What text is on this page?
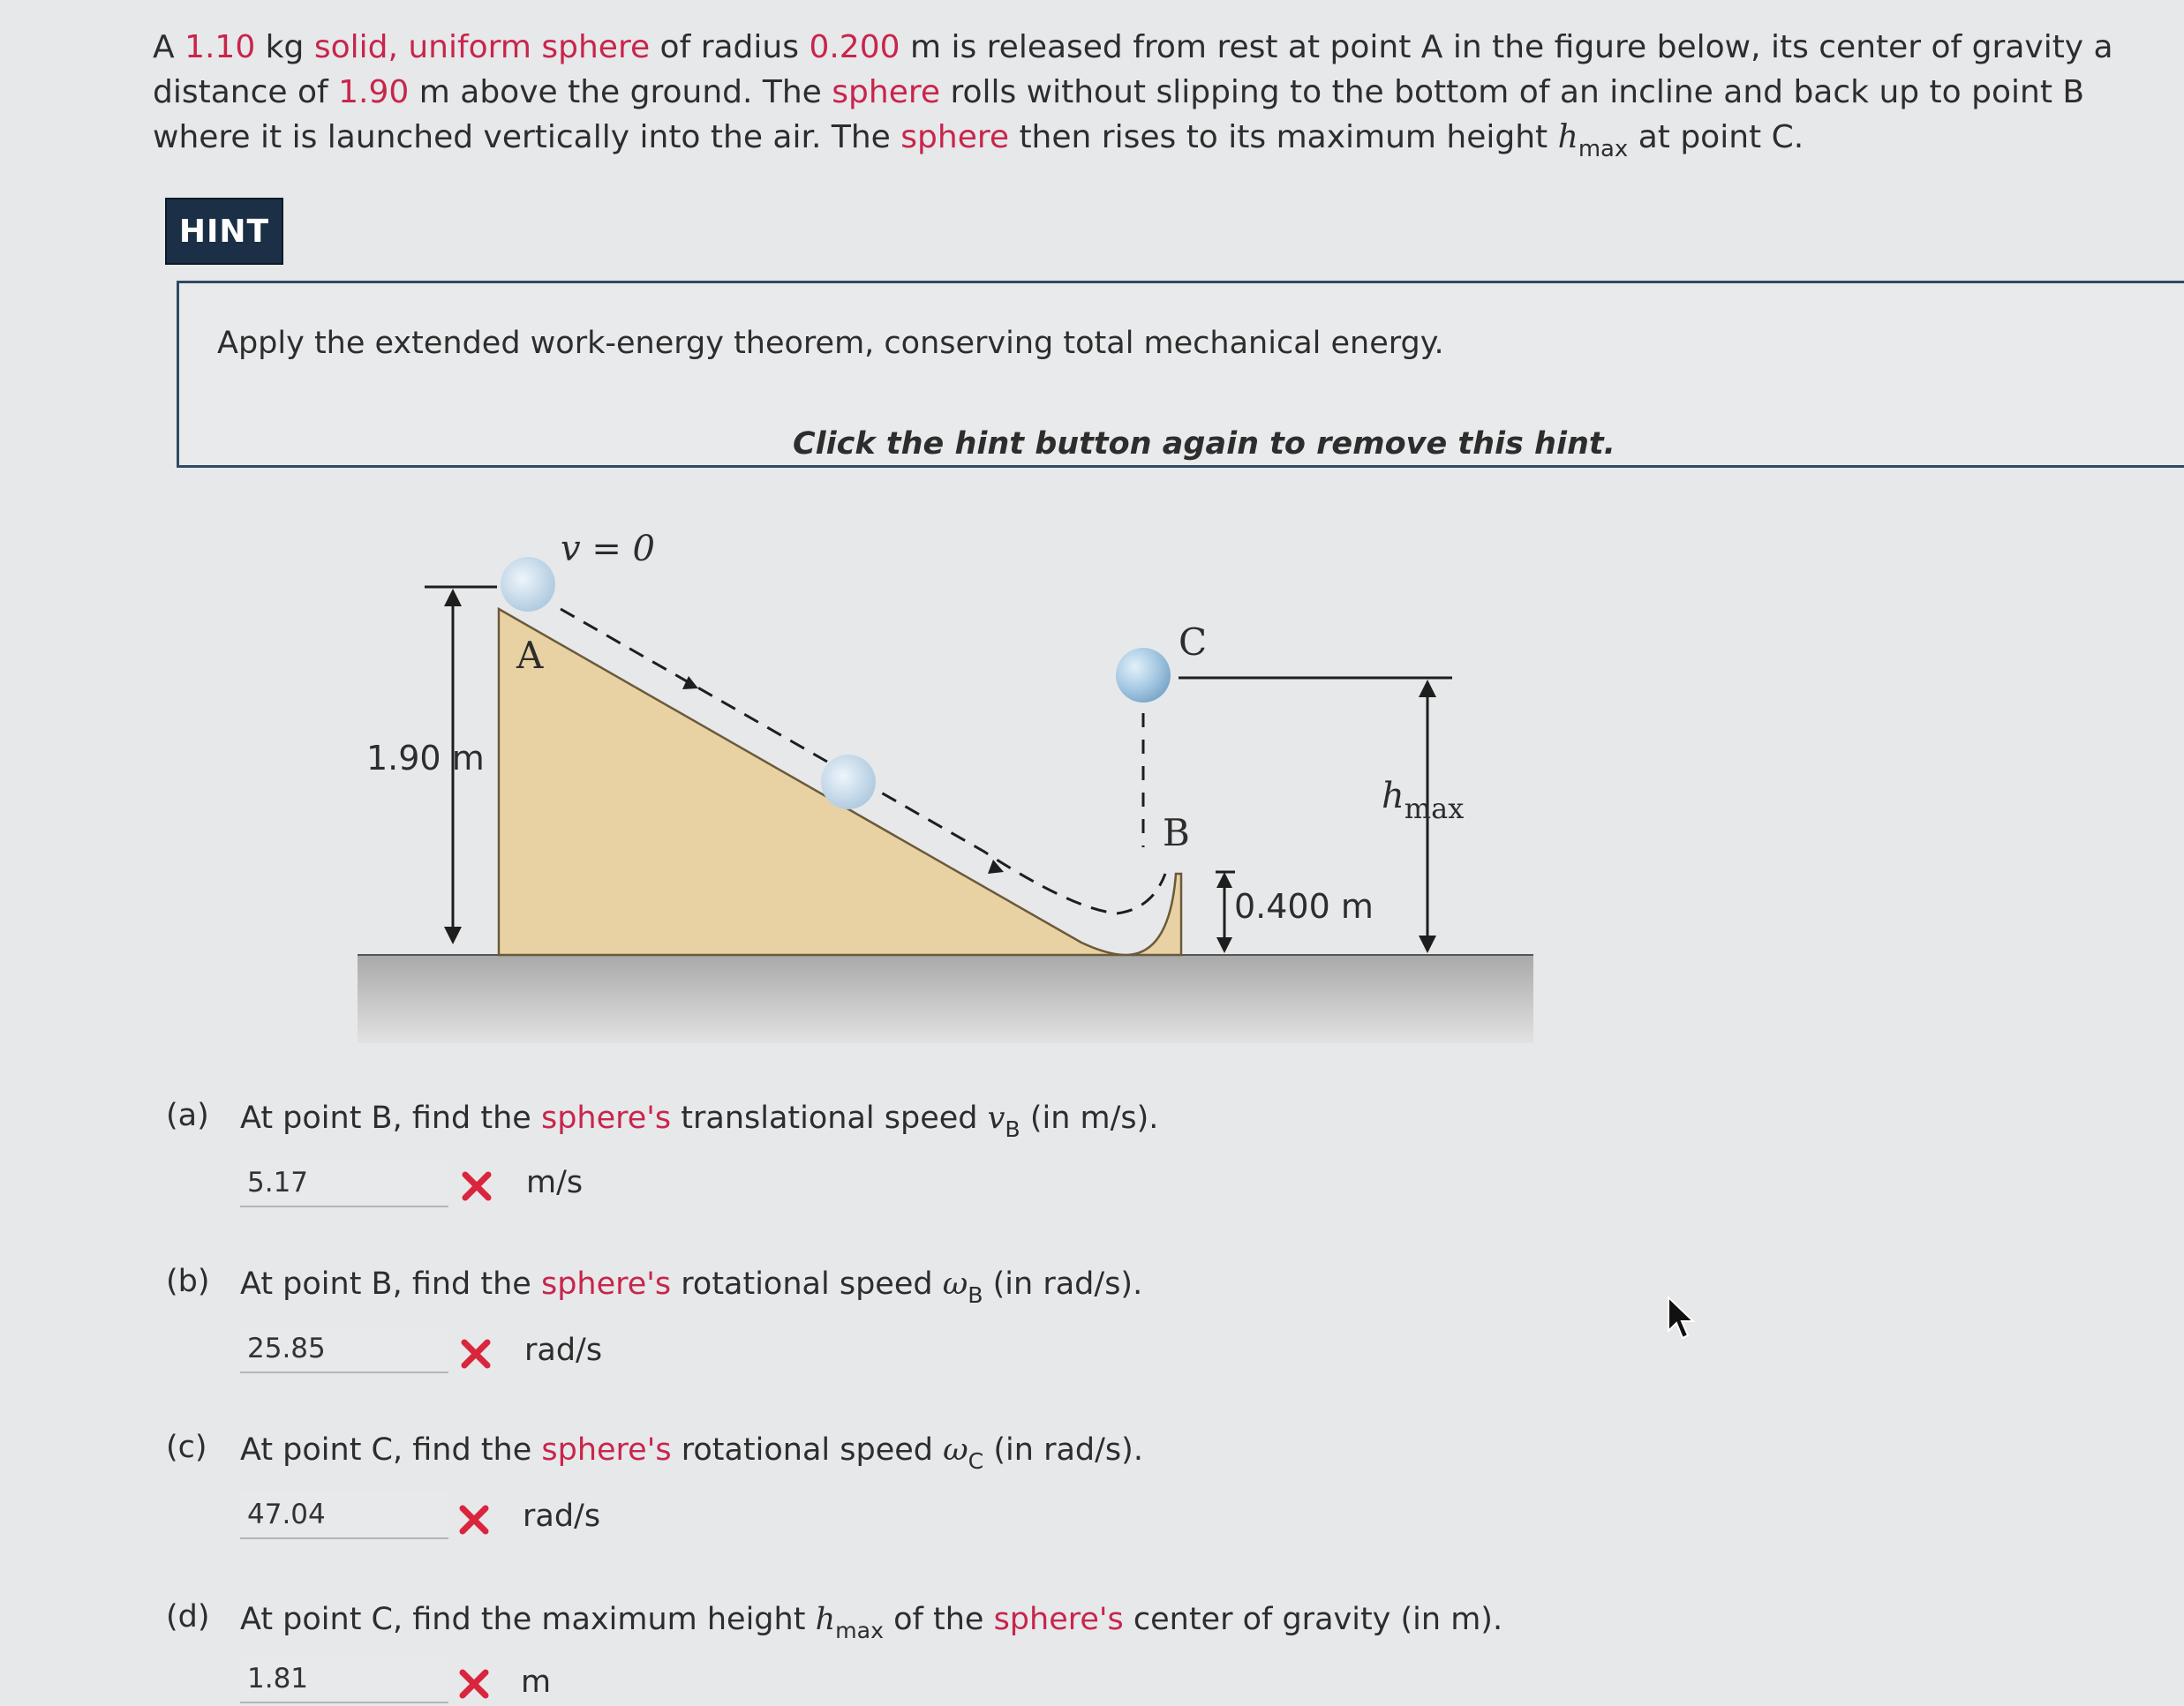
A 1.10 kg solid, uniform sphere of radius 0.200 m is released from rest at point A in the figure below, its center of gravity a distance of 1.90 m above the ground. The sphere rolls without slipping to the bottom of an incline and back up to point B where it is launched vertically into the air. The sphere then rises to its maximum height $h_{max}$ at point C.

HINT
Apply the extended work-energy theorem, conserving total mechanical energy.
Click the hint button again to remove this hint.
1.90 m
v = 0
A	C
B
0.400 m
$h_{max}$
(a) At point B, find the sphere's translational speed $v_B$ (in m/s).
5.17
m/s
(b) At point B, find the sphere's rotational speed $\omega_B$ (in rad/s).
25.85
rad/s
(c) At point C, find the sphere's rotational speed $\omega_C$ (in rad/s).
47.04
rad/s
(d) At point C, find the maximum height $h_{max}$ of the sphere's center of gravity (in m).
1.81
m
